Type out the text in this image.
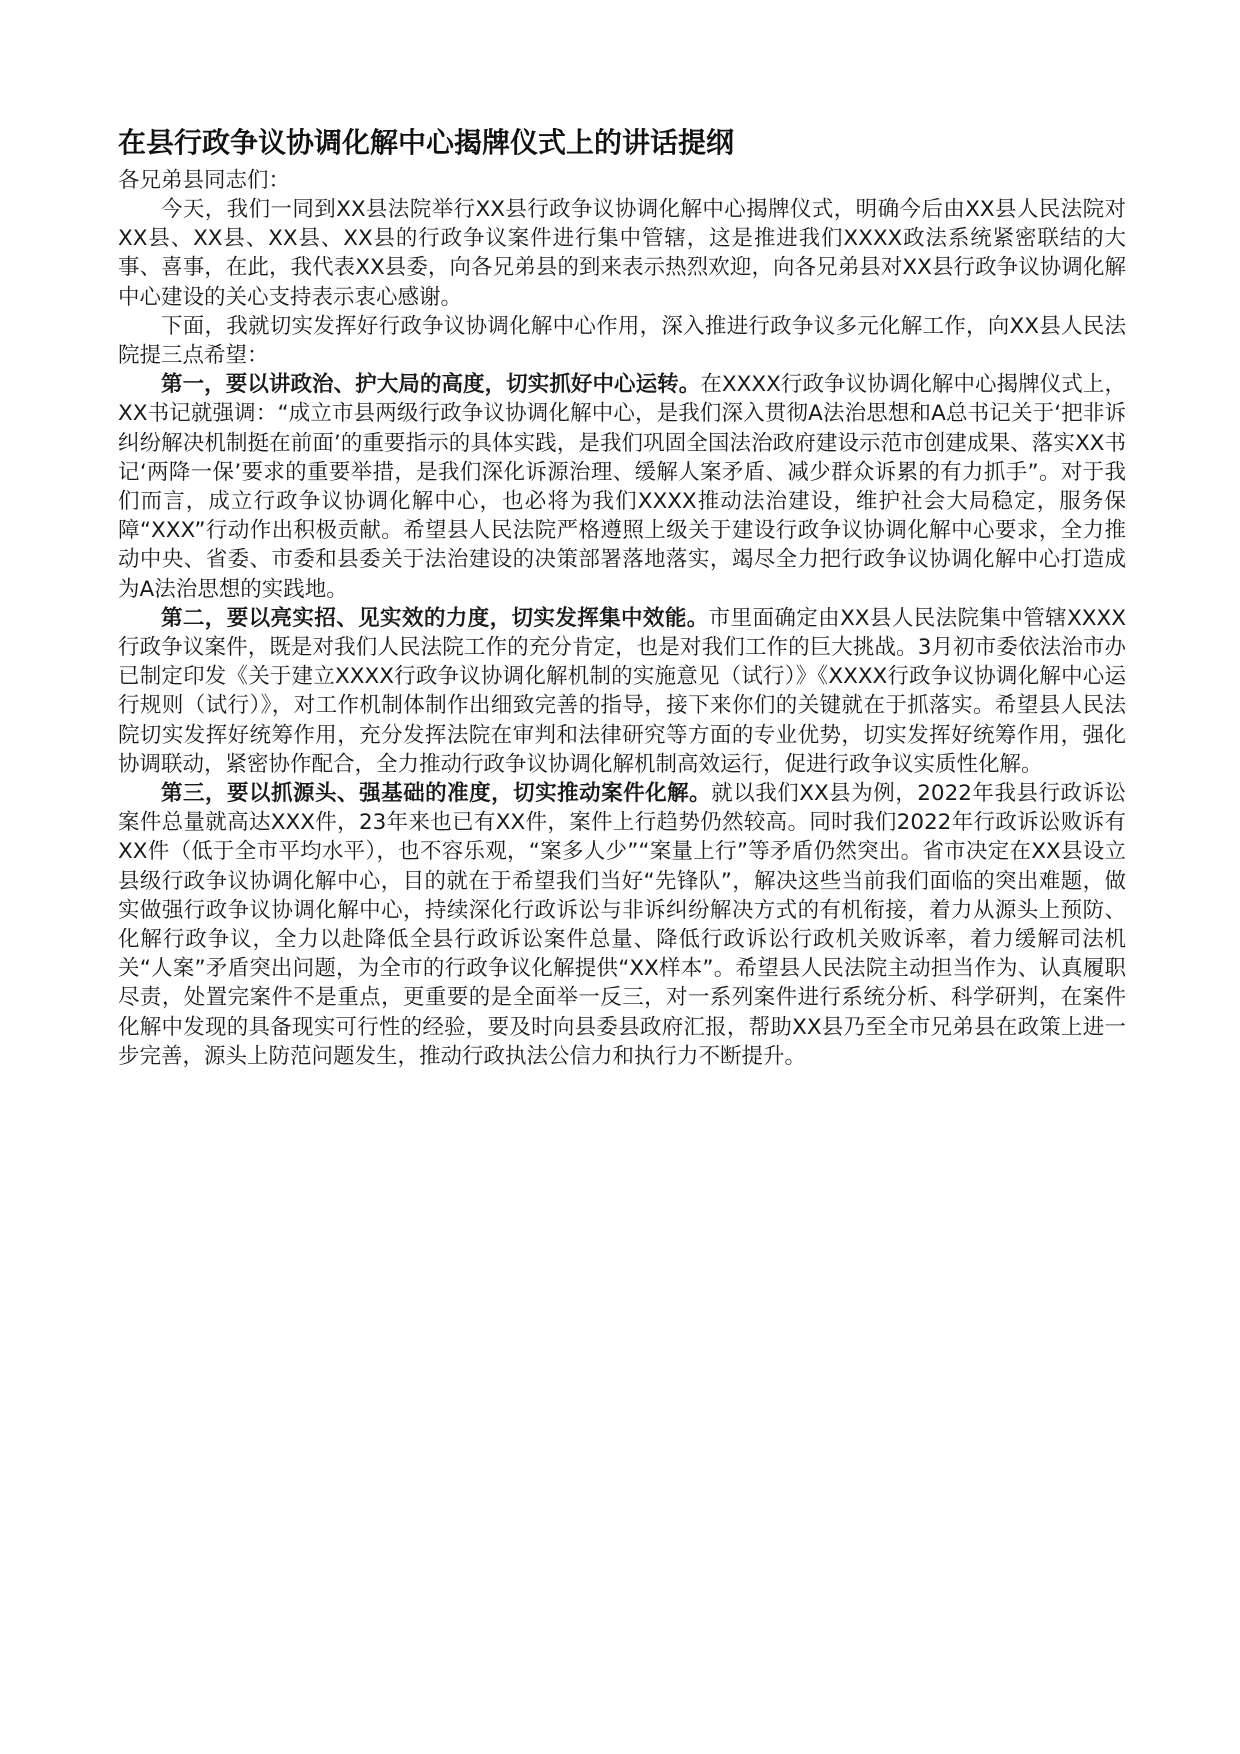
在县行政争议协调化解中心揭牌仪式上的讲话提纲

各兄弟县同志们：

今天，我们一同到XX县法院举行XX县行政争议协调化解中心揭牌仪式，明确今后由XX县人民法院对XX县、XX县、XX县、XX县的行政争议案件进行集中管辖，这是推进我们XXXX政法系统紧密联结的大事、喜事，在此，我代表XX县委，向各兄弟县的到来表示热烈欢迎，向各兄弟县对XX县行政争议协调化解中心建设的关心支持表示衷心感谢。

下面，我就切实发挥好行政争议协调化解中心作用，深入推进行政争议多元化解工作，向XX县人民法院提三点希望：

第一，要以讲政治、护大局的高度，切实抓好中心运转。在XXXX行政争议协调化解中心揭牌仪式上，XX书记就强调：“成立市县两级行政争议协调化解中心，是我们深入贯彻A法治思想和A总书记关于‘把非诉纠纷解决机制挺在前面’的重要指示的具体实践，是我们巩固全国法治政府建设示范市创建成果、落实XX书记‘两降一保’要求的重要举措，是我们深化诉源治理、缓解人案矛盾、减少群众诉累的有力抓手”。对于我们而言，成立行政争议协调化解中心，也必将为我们XXXX推动法治建设，维护社会大局稳定，服务保障“XXX”行动作出积极贡献。希望县人民法院严格遵照上级关于建设行政争议协调化解中心要求，全力推动中央、省委、市委和县委关于法治建设的决策部署落地落实，竭尽全力把行政争议协调化解中心打造成为A法治思想的实践地。

第二，要以亮实招、见实效的力度，切实发挥集中效能。市里面确定由XX县人民法院集中管辖XXXX行政争议案件，既是对我们人民法院工作的充分肯定，也是对我们工作的巨大挑战。3月初市委依法治市办已制定印发《关于建立XXXX行政争议协调化解机制的实施意见（试行）》《XXXX行政争议协调化解中心运行规则（试行）》，对工作机制体制作出细致完善的指导，接下来你们的关键就在于抓落实。希望县人民法院切实发挥好统筹作用，充分发挥法院在审判和法律研究等方面的专业优势，切实发挥好统筹作用，强化协调联动，紧密协作配合，全力推动行政争议协调化解机制高效运行，促进行政争议实质性化解。

第三，要以抓源头、强基础的准度，切实推动案件化解。就以我们XX县为例，2022年我县行政诉讼案件总量就高达XXX件，23年来也已有XX件，案件上行趋势仍然较高。同时我们2022年行政诉讼败诉有XX件（低于全市平均水平），也不容乐观，“案多人少”“案量上行”等矛盾仍然突出。省市决定在XX县设立县级行政争议协调化解中心，目的就在于希望我们当好“先锋队”，解决这些当前我们面临的突出难题，做实做强行政争议协调化解中心，持续深化行政诉讼与非诉纠纷解决方式的有机衔接，着力从源头上预防、化解行政争议，全力以赴降低全县行政诉讼案件总量、降低行政诉讼行政机关败诉率，着力缓解司法机关“人案”矛盾突出问题，为全市的行政争议化解提供“XX样本”。希望县人民法院主动担当作为、认真履职尽责，处置完案件不是重点，更重要的是全面举一反三，对一系列案件进行系统分析、科学研判，在案件化解中发现的具备现实可行性的经验，要及时向县委县政府汇报，帮助XX县乃至全市兄弟县在政策上进一步完善，源头上防范问题发生，推动行政执法公信力和执行力不断提升。
